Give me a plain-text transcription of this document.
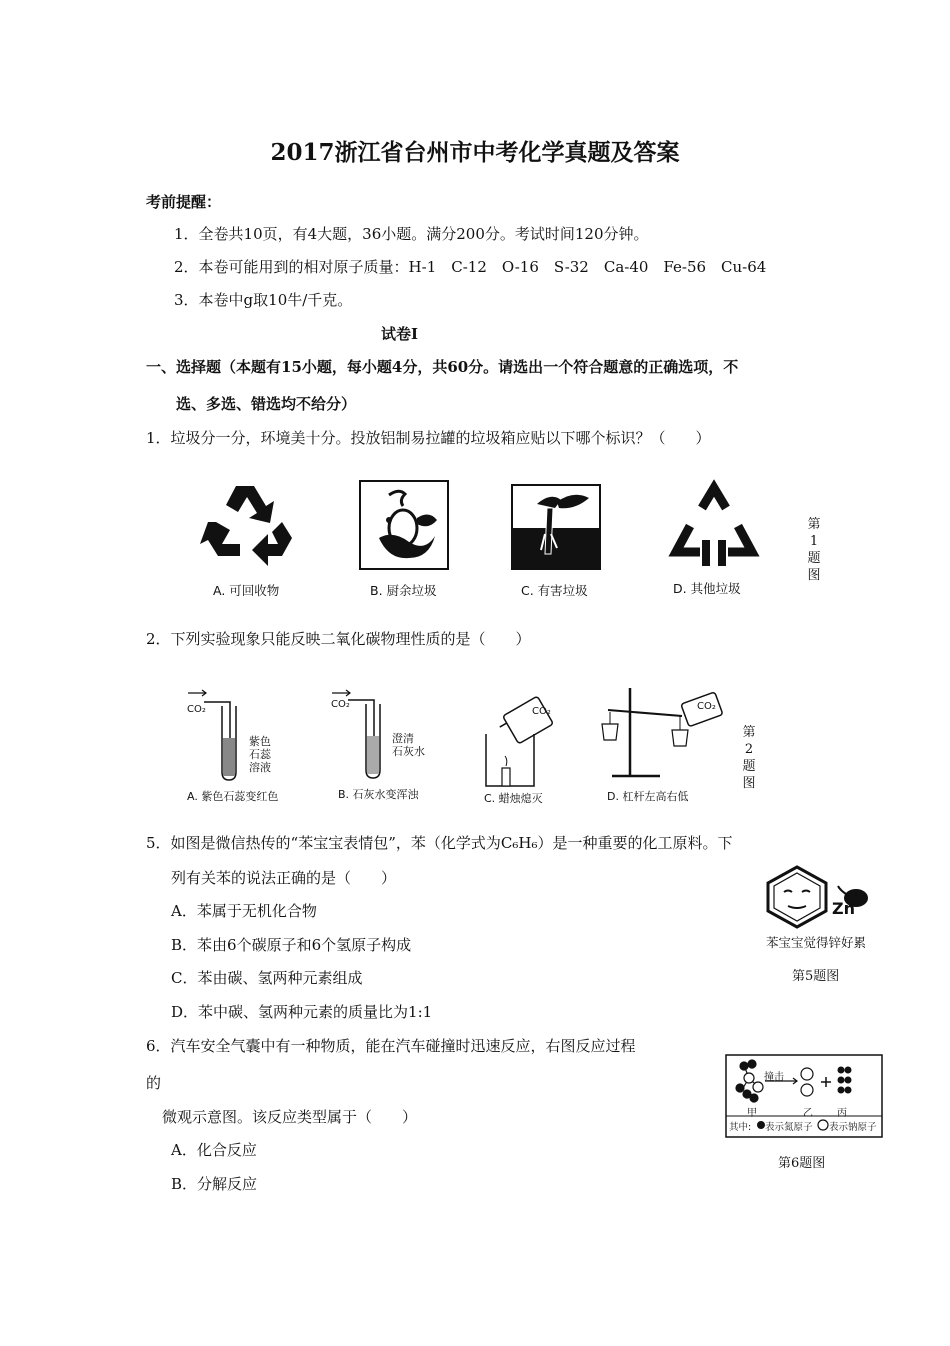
2017浙江省台州市中考化学真题及答案
考前提醒：
1．全卷共10页，有4大题，36小题。满分200分。考试时间120分钟。
2．本卷可能用到的相对原子质量：H-1　C-12　O-16　S-32　Ca-40　Fe-56　Cu-64
3．本卷中g取10牛/千克。
试卷Ⅰ
一、选择题（本题有15小题，每小题4分，共60分。请选出一个符合题意的正确选项，不
选、多选、错选均不给分）
1．垃圾分一分，环境美十分。投放铝制易拉罐的垃圾箱应贴以下哪个标识？（　　）
A. 可回收物	B. 厨余垃圾	C. 有害垃圾	D. 其他垃圾
第1题图
2．下列实验现象只能反映二氧化碳物理性质的是（　　）
CO₂
紫色
石蕊
溶液
CO₂
澄清
石灰水
CO₂	CO₂
A. 紫色石蕊变红色	B. 石灰水变浑浊	C. 蜡烛熄灭	D. 杠杆左高右低
第2题图
5．如图是微信热传的“苯宝宝表情包”，苯（化学式为C₆H₆）是一种重要的化工原料。下
列有关苯的说法正确的是（　　）
A．苯属于无机化合物
B．苯由6个碳原子和6个氢原子构成
C．苯由碳、氢两种元素组成
D．苯中碳、氢两种元素的质量比为1:1
Zn
苯宝宝觉得锌好累
第5题图
6．汽车安全气囊中有一种物质，能在汽车碰撞时迅速反应，右图反应过程
的
微观示意图。该反应类型属于（　　）
A．化合反应
B．分解反应
撞击
甲	乙 丙
其中: 表示氮原子 表示钠原子
第6题图
